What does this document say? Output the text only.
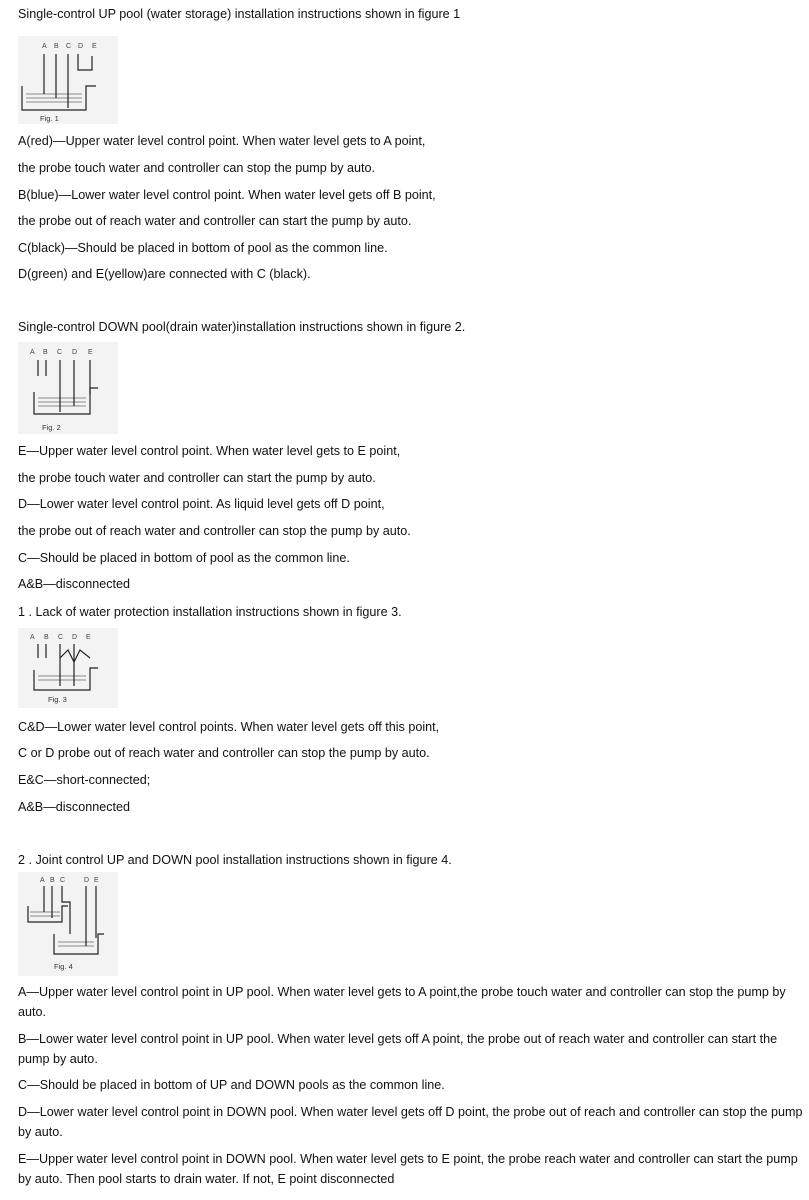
Single-control UP pool (water storage) installation instructions shown in figure 1
A B C D E
Fig. 1
A(red)—Upper water level control point. When water level gets to A point,
the probe touch water and controller can stop the pump by auto.
B(blue)—Lower water level control point. When water level gets off B point,
the probe out of reach water and controller can start the pump by auto.
C(black)—Should be placed in bottom of pool as the common line.
D(green) and E(yellow)are connected with C (black).
Single-control DOWN pool(drain water)installation instructions shown in figure 2.
A B C D E
Fig. 2
E—Upper water level control point. When water level gets to E point,
the probe touch water and controller can start the pump by auto.
D—Lower water level control point. As liquid level gets off D point,
the probe out of reach water and controller can stop the pump by auto.
C—Should be placed in bottom of pool as the common line.
A&B—disconnected
1 . Lack of water protection installation instructions shown in figure 3.
A B C D E
Fig. 3
C&D—Lower water level control points. When water level gets off this point,
C or D probe out of reach water and controller can stop the pump by auto.
E&C—short-connected;
A&B—disconnected
2 . Joint control UP and DOWN pool installation instructions shown in figure 4.
A B C	D E
Fig. 4
A—Upper water level control point in UP pool. When water level gets to A point,the probe touch water and controller can stop the pump by auto.
B—Lower water level control point in UP pool. When water level gets off A point, the probe out of reach water and controller can start the pump by auto.
C—Should be placed in bottom of UP and DOWN pools as the common line.
D—Lower water level control point in DOWN pool. When water level gets off D point, the probe out of reach and controller can stop the pump by auto.
E—Upper water level control point in DOWN pool. When water level gets to E point, the probe reach water and controller can start the pump by auto. Then pool starts to drain water. If not, E point disconnected
